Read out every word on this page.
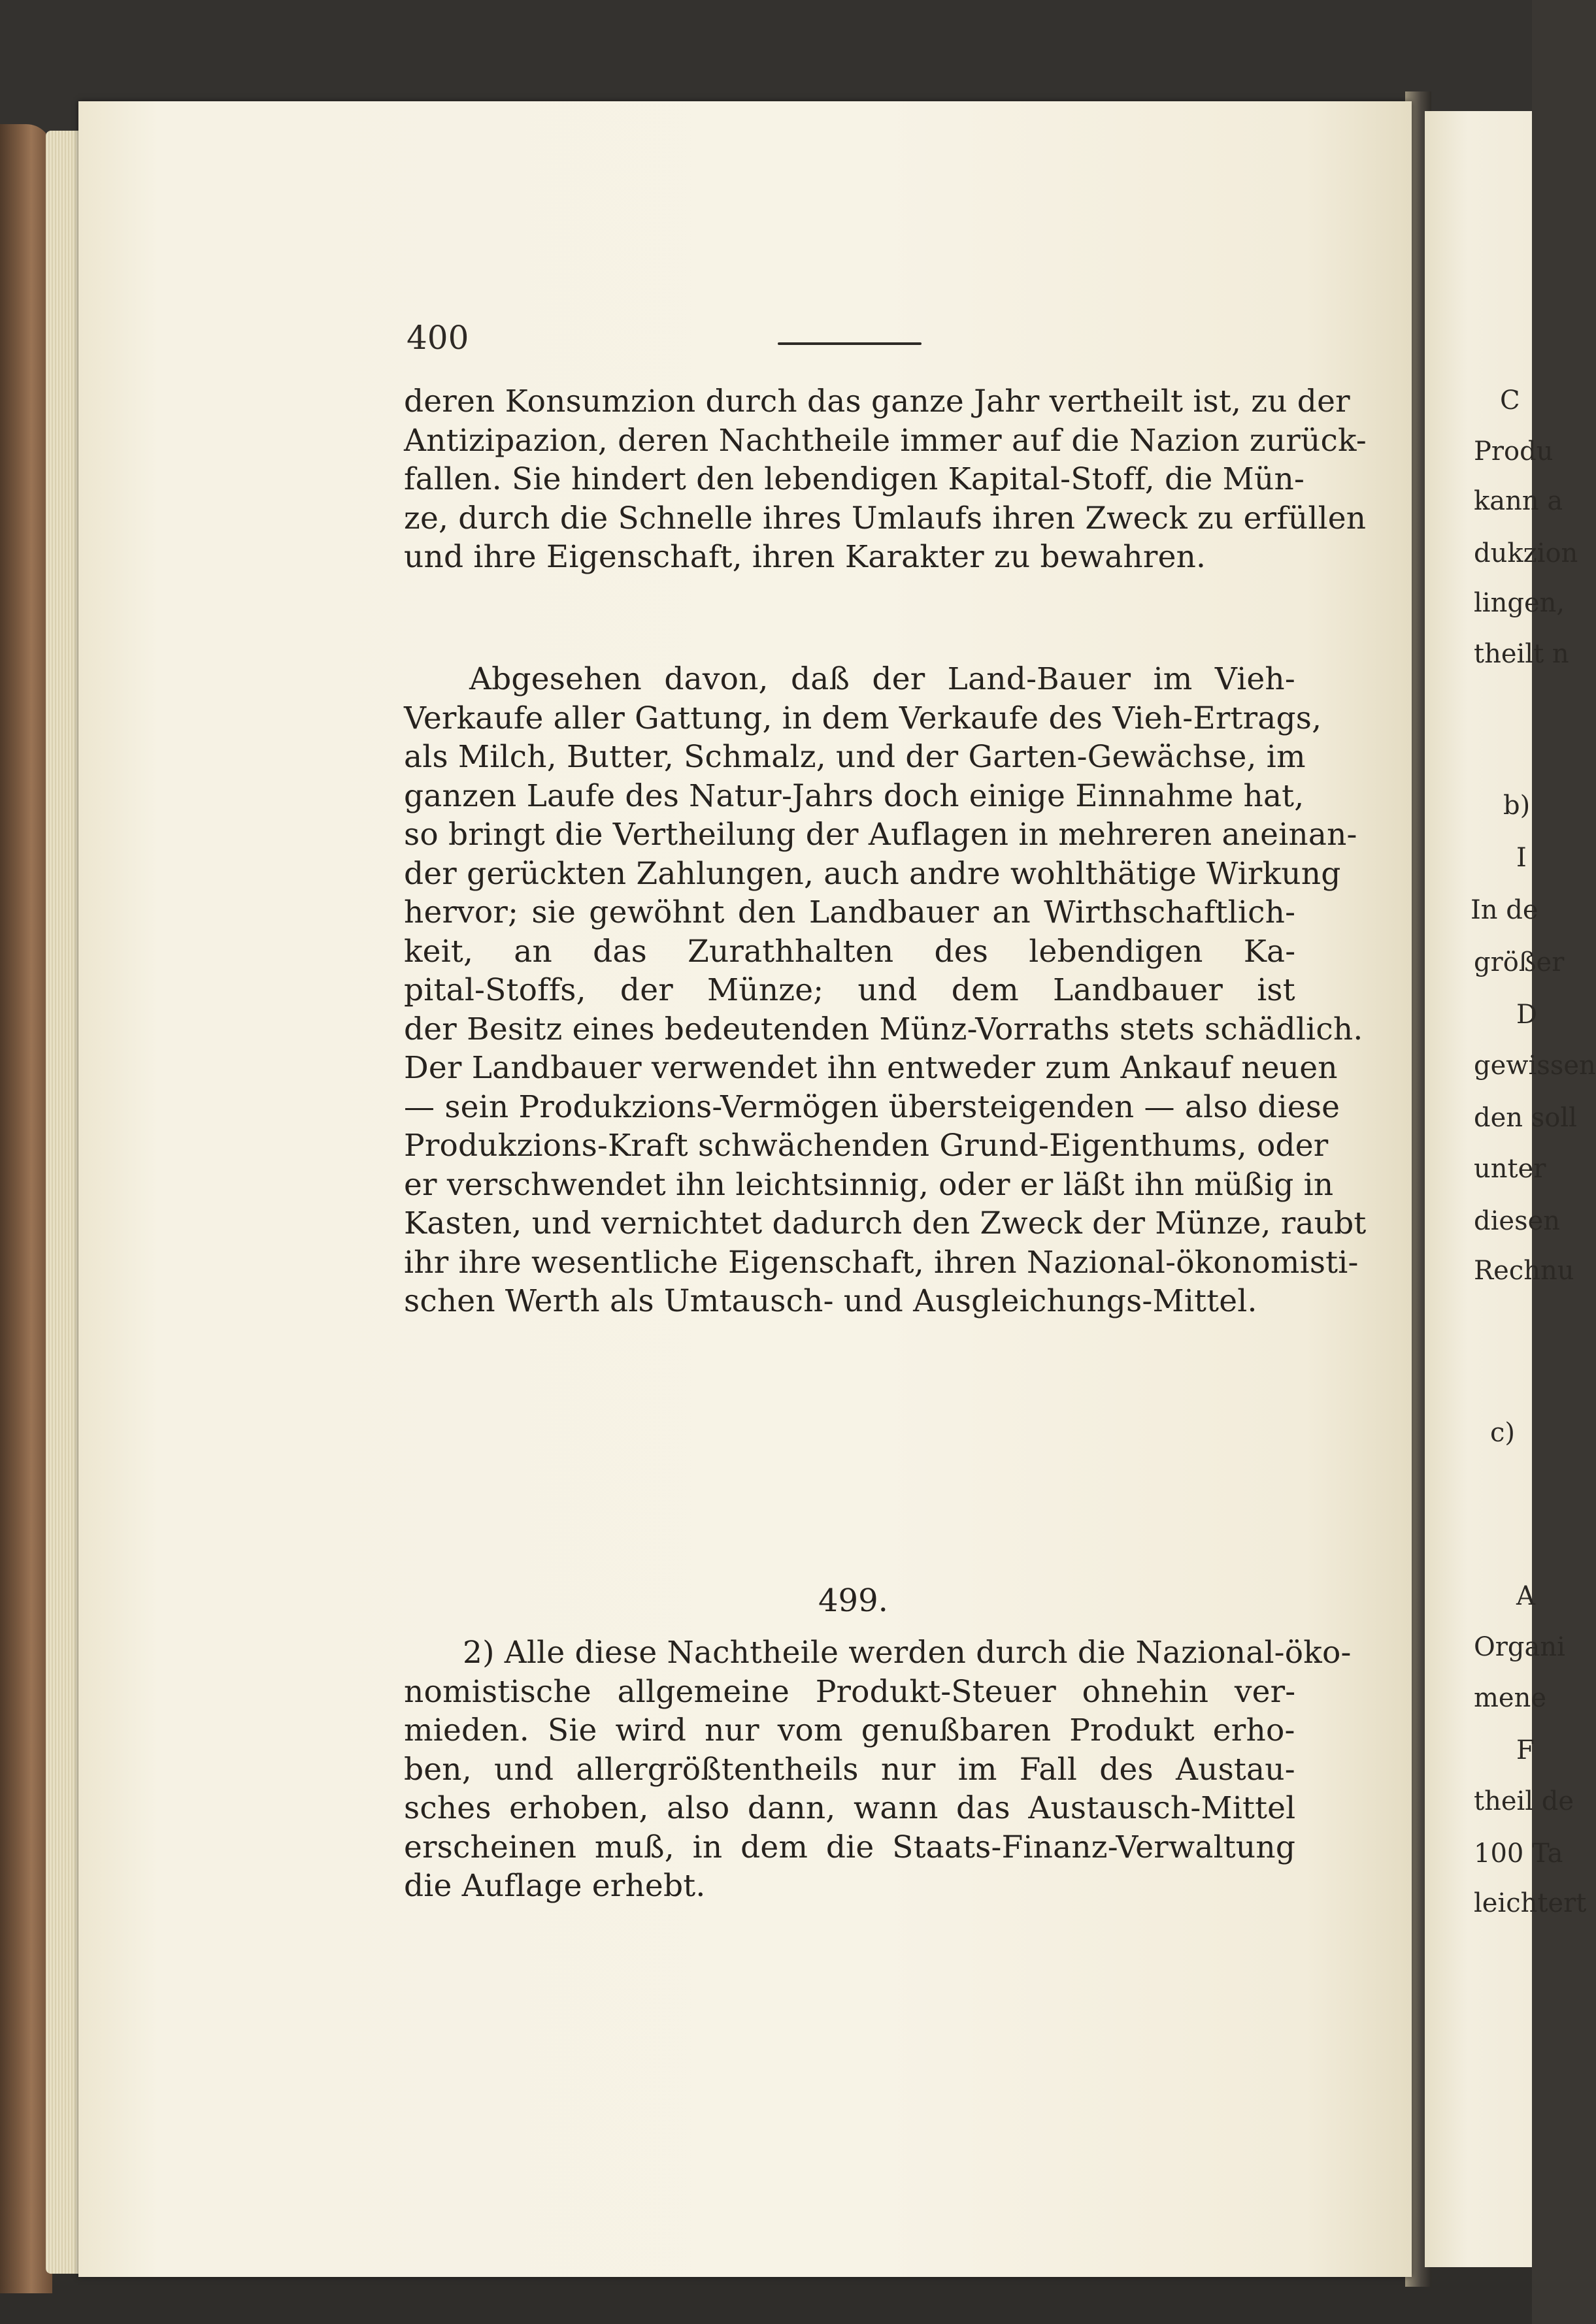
C
Produ
kann a
dukzion
lingen,
theilt n
b)
I
In de
größer
D
gewissen
den soll
unter
diesen
Rechnu
c)
A
Organi
mene
F
theil de
100 Ta
leichtert
400
deren Konsumzion durch das ganze Jahr vertheilt ist, zu der
Antizipazion, deren Nachtheile immer auf die Nazion zurück-
fallen. Sie hindert den lebendigen Kapital-Stoff, die Mün-
ze, durch die Schnelle ihres Umlaufs ihren Zweck zu erfüllen
und ihre Eigenschaft, ihren Karakter zu bewahren.
Abgesehen davon, daß der Land-Bauer im Vieh-
Verkaufe aller Gattung, in dem Verkaufe des Vieh-Ertrags,
als Milch, Butter, Schmalz, und der Garten-Gewächse, im
ganzen Laufe des Natur-Jahrs doch einige Einnahme hat,
so bringt die Vertheilung der Auflagen in mehreren aneinan-
der gerückten Zahlungen, auch andre wohlthätige Wirkung
hervor; sie gewöhnt den Landbauer an Wirthschaftlich-
keit, an das Zurathhalten des lebendigen Ka-
pital-Stoffs, der Münze; und dem Landbauer ist
der Besitz eines bedeutenden Münz-Vorraths stets schädlich.
Der Landbauer verwendet ihn entweder zum Ankauf neuen
— sein Produkzions-Vermögen übersteigenden — also diese
Produkzions-Kraft schwächenden Grund-Eigenthums, oder
er verschwendet ihn leichtsinnig, oder er läßt ihn müßig in
Kasten, und vernichtet dadurch den Zweck der Münze, raubt
ihr ihre wesentliche Eigenschaft, ihren Nazional-ökonomisti-
schen Werth als Umtausch- und Ausgleichungs-Mittel.
2) Alle diese Nachtheile werden durch die Nazional-öko-
nomistische allgemeine Produkt-Steuer ohnehin ver-
mieden. Sie wird nur vom genußbaren Produkt erho-
ben, und allergrößtentheils nur im Fall des Austau-
sches erhoben, also dann, wann das Austausch-Mittel
erscheinen muß, in dem die Staats-Finanz-Verwaltung
die Auflage erhebt.
499.
